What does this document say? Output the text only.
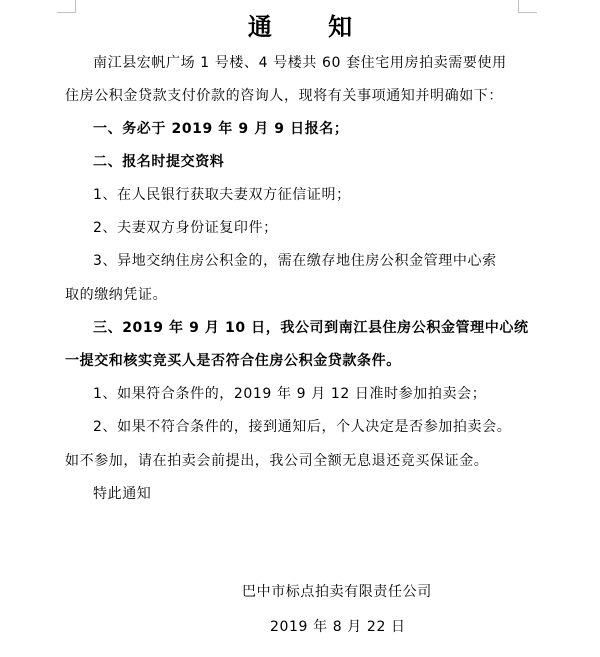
通 知
南江县宏帆广场 1 号楼、4 号楼共 60 套住宅用房拍卖需要使用
住房公积金贷款支付价款的咨询人，现将有关事项通知并明确如下：
一、务必于 2019 年 9 月 9 日报名；
二、报名时提交资料
1、在人民银行获取夫妻双方征信证明；
2、夫妻双方身份证复印件；
3、异地交纳住房公积金的，需在缴存地住房公积金管理中心索
取的缴纳凭证。
三、2019 年 9 月 10 日，我公司到南江县住房公积金管理中心统
一提交和核实竞买人是否符合住房公积金贷款条件。
1、如果符合条件的，2019 年 9 月 12 日准时参加拍卖会；
2、如果不符合条件的，接到通知后，个人决定是否参加拍卖会。
如不参加，请在拍卖会前提出，我公司全额无息退还竞买保证金。
特此通知
巴中市标点拍卖有限责任公司
2019 年 8 月 22 日
